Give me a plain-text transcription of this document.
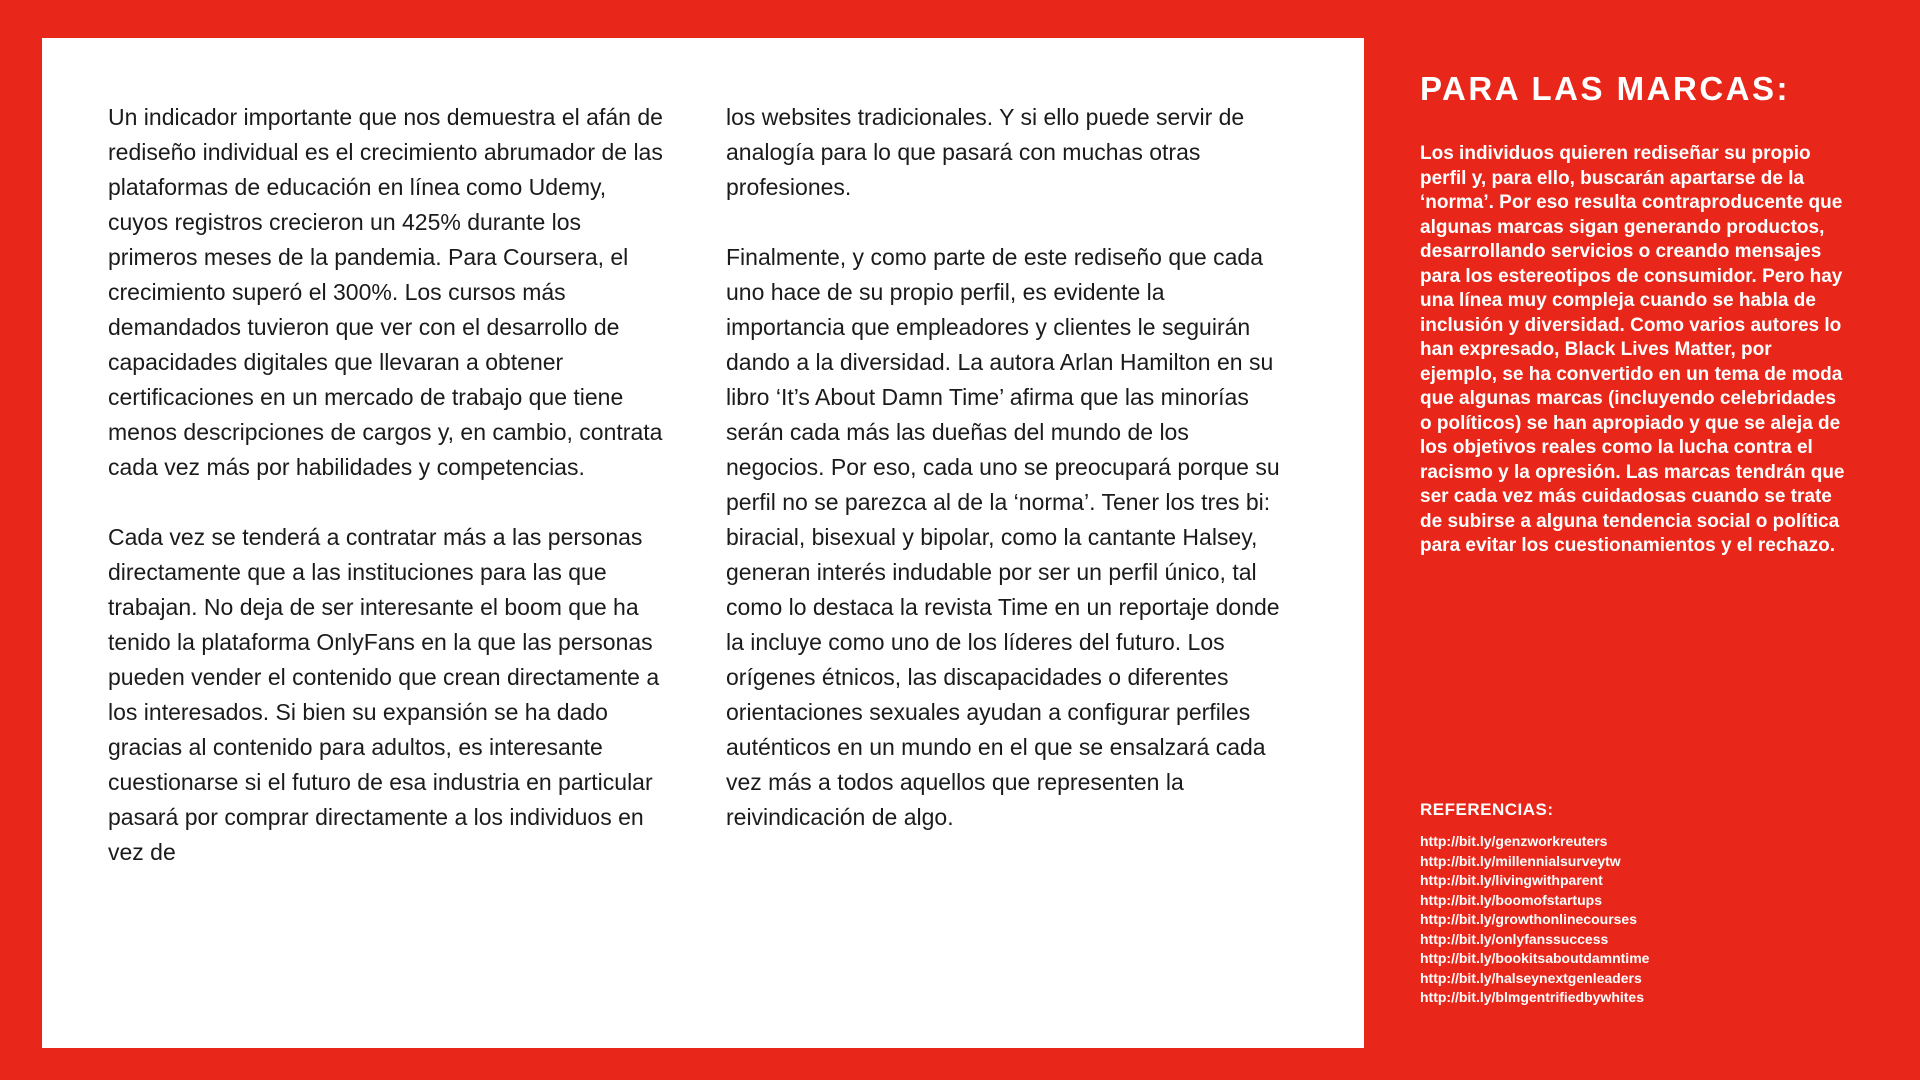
Un indicador importante que nos demuestra el afán de rediseño individual es el crecimiento abrumador de las plataformas de educación en línea como Udemy, cuyos registros crecieron un 425% durante los primeros meses de la pandemia. Para Coursera, el crecimiento superó el 300%. Los cursos más demandados tuvieron que ver con el desarrollo de capacidades digitales que llevaran a obtener certificaciones en un mercado de trabajo que tiene menos descripciones de cargos y, en cambio, contrata cada vez más por habilidades y competencias.

Cada vez se tenderá a contratar más a las personas directamente que a las instituciones para las que trabajan. No deja de ser interesante el boom que ha tenido la plataforma OnlyFans en la que las personas pueden vender el contenido que crean directamente a los interesados. Si bien su expansión se ha dado gracias al contenido para adultos, es interesante cuestionarse si el futuro de esa industria en particular pasará por comprar directamente a los individuos en vez de

los websites tradicionales. Y si ello puede servir de analogía para lo que pasará con muchas otras profesiones.

Finalmente, y como parte de este rediseño que cada uno hace de su propio perfil, es evidente la importancia que empleadores y clientes le seguirán dando a la diversidad. La autora Arlan Hamilton en su libro ‘It’s About Damn Time’ afirma que las minorías serán cada más las dueñas del mundo de los negocios. Por eso, cada uno se preocupará porque su perfil no se parezca al de la ‘norma’. Tener los tres bi: biracial, bisexual y bipolar, como la cantante Halsey, generan interés indudable por ser un perfil único, tal como lo destaca la revista Time en un reportaje donde la incluye como uno de los líderes del futuro. Los orígenes étnicos, las discapacidades o diferentes orientaciones sexuales ayudan a configurar perfiles auténticos en un mundo en el que se ensalzará cada vez más a todos aquellos que representen la reivindicación de algo.

PARA LAS MARCAS:

Los individuos quieren rediseñar su propio perfil y, para ello, buscarán apartarse de la ‘norma’. Por eso resulta contraproducente que algunas marcas sigan generando productos, desarrollando servicios o creando mensajes para los estereotipos de consumidor. Pero hay una línea muy compleja cuando se habla de inclusión y diversidad. Como varios autores lo han expresado, Black Lives Matter, por ejemplo, se ha convertido en un tema de moda que algunas marcas (incluyendo celebridades o políticos) se han apropiado y que se aleja de los objetivos reales como la lucha contra el racismo y la opresión. Las marcas tendrán que ser cada vez más cuidadosas cuando se trate de subirse a alguna tendencia social o política para evitar los cuestionamientos y el rechazo.

REFERENCIAS:
http://bit.ly/genzworkreuters
http://bit.ly/millennialsurveytw
http://bit.ly/livingwithparent
http://bit.ly/boomofstartups
http://bit.ly/growthonlinecourses
http://bit.ly/onlyfanssuccess
http://bit.ly/bookitsaboutdamntime
http://bit.ly/halseynextgenleaders
http://bit.ly/blmgentrifiedbywhites
